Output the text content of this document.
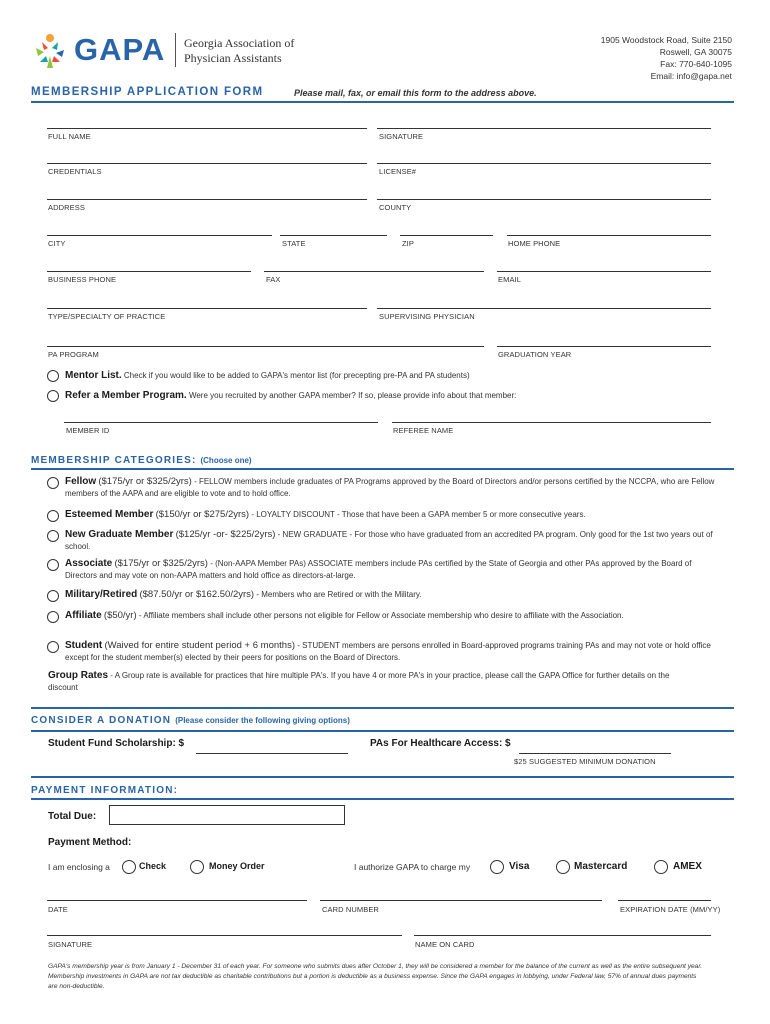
GAPA Georgia Association of
Physician Assistants
1905 Woodstock Road, Suite 2150
Roswell, GA 30075
Fax: 770-640-1095
Email: info@gapa.net
MEMBERSHIP APPLICATION FORM	Please mail, fax, or email this form to the address above.
FULL NAME	SIGNATURE
CREDENTIALS	LICENSE#
ADDRESS	COUNTY
CITY	STATE	ZIP	HOME PHONE
BUSINESS PHONE	FAX	EMAIL
TYPE/SPECIALTY OF PRACTICE	SUPERVISING PHYSICIAN
PA PROGRAM	GRADUATION YEAR
Mentor List. Check if you would like to be added to GAPA's mentor list (for precepting pre-PA and PA students)
Refer a Member Program. Were you recruited by another GAPA member? If so, please provide info about that member:
MEMBER ID	REFEREE NAME
MEMBERSHIP CATEGORIES: (Choose one)
Fellow ($175/yr or $325/2yrs) - FELLOW members include graduates of PA Programs approved by the Board of Directors and/or persons certified by the NCCPA, who are Fellow members of the AAPA and are eligible to vote and to hold office.
Esteemed Member ($150/yr or $275/2yrs) - LOYALTY DISCOUNT - Those that have been a GAPA member 5 or more consecutive years.
New Graduate Member ($125/yr -or- $225/2yrs) - NEW GRADUATE - For those who have graduated from an accredited PA program. Only good for the 1st two years out of school.
Associate ($175/yr or $325/2yrs) - (Non-AAPA Member PAs) ASSOCIATE members include PAs certified by the State of Georgia and other PAs approved by the Board of Directors and may vote on non-AAPA matters and hold office as directors-at-large.
Military/Retired ($87.50/yr or $162.50/2yrs) - Members who are Retired or with the Military.
Affiliate ($50/yr) - Affiliate members shall include other persons not eligible for Fellow or Associate membership who desire to affiliate with the Association.
Student (Waived for entire student period + 6 months) - STUDENT members are persons enrolled in Board-approved programs training PAs and may not vote or hold office except for the student member(s) elected by their peers for positions on the Board of Directors.
Group Rates - A Group rate is available for practices that hire multiple PA's. If you have 4 or more PA's in your practice, please call the GAPA Office for further details on the discount
CONSIDER A DONATION (Please consider the following giving options)
Student Fund Scholarship: $	PAs For Healthcare Access: $
$25 SUGGESTED MINIMUM DONATION
PAYMENT INFORMATION:
Total Due:
Payment Method:
I am enclosing a	Check	Money Order	I authorize GAPA to charge my	Visa	Mastercard	AMEX
DATE	CARD NUMBER	EXPIRATION DATE (MM/YY)
SIGNATURE	NAME ON CARD
GAPA's membership year is from January 1 - December 31 of each year. For someone who submits dues after October 1, they will be considered a member for the balance of the current as well as the entire subsequent year. Membership investments in GAPA are not tax deductible as charitable contributions but a portion is deductible as a business expense. Since the GAPA engages in lobbying, under Federal law, 57% of annual dues payments are non-deductible.
